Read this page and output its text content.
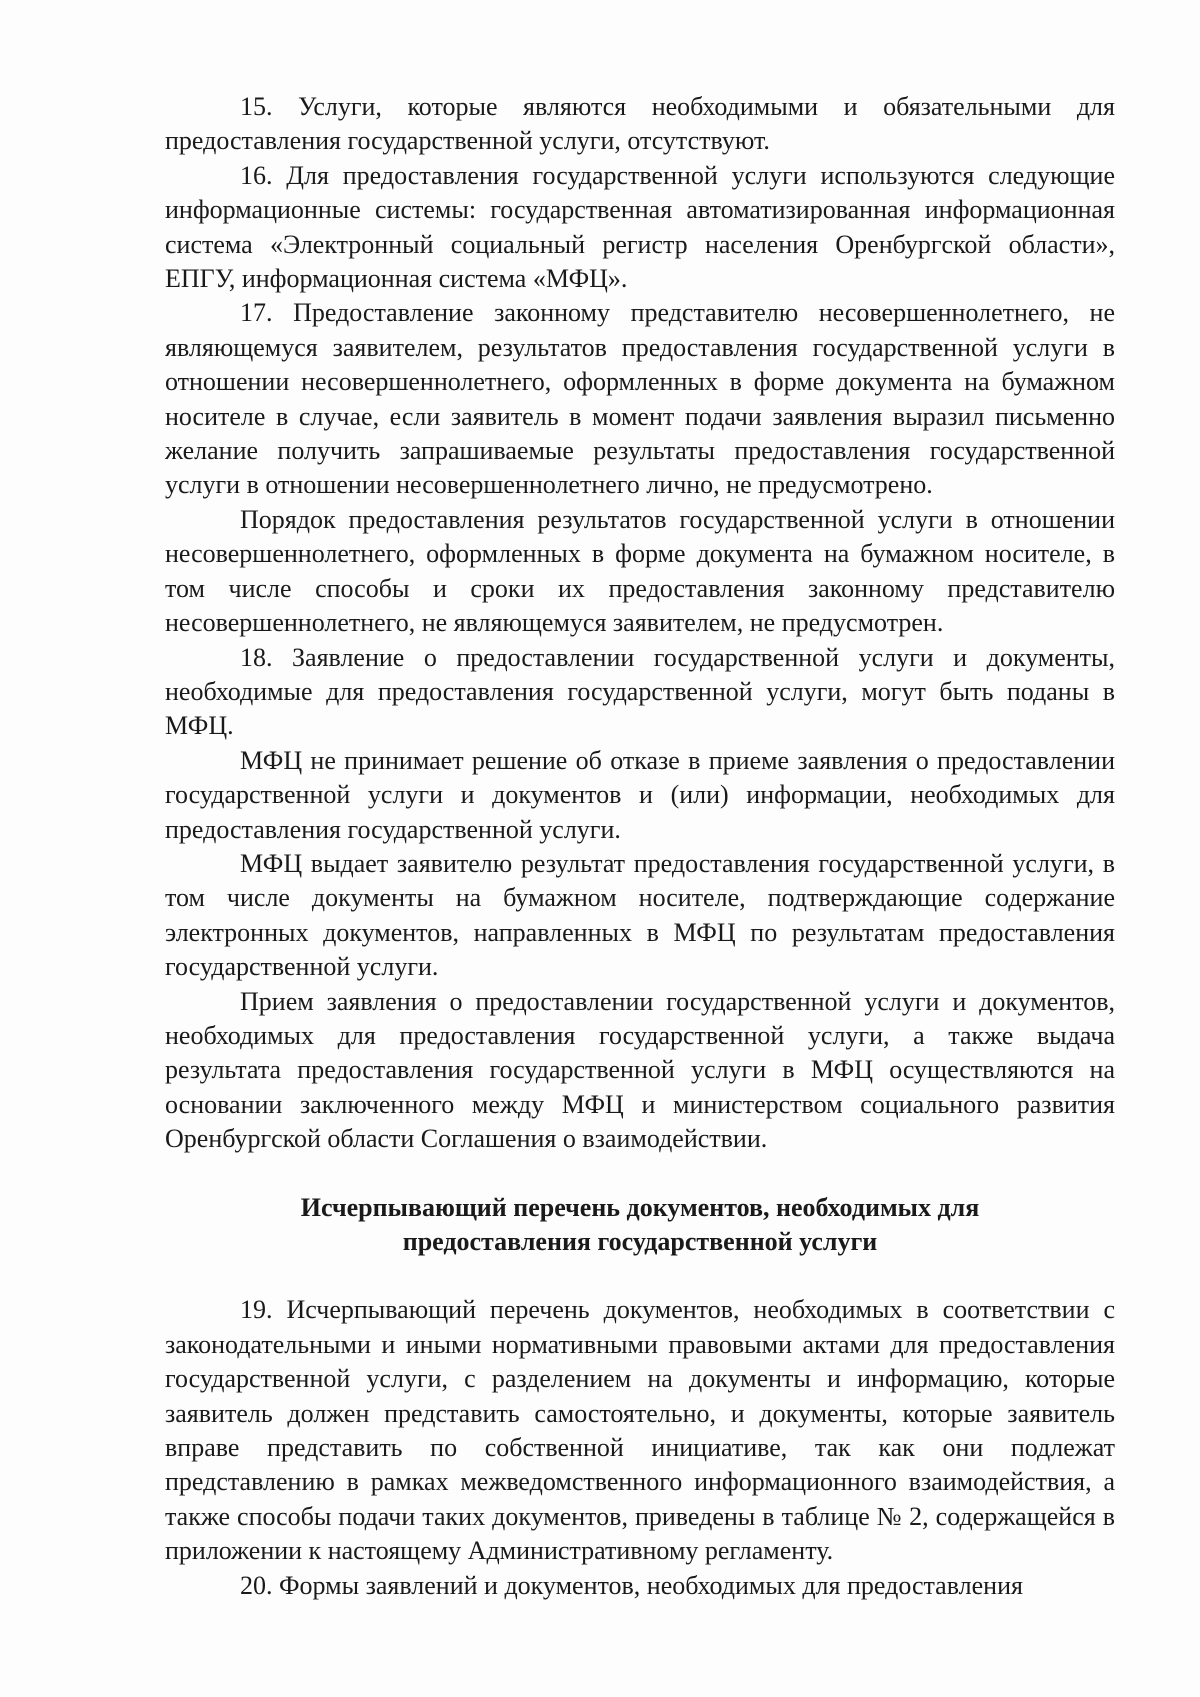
15. Услуги, которые являются необходимыми и обязательными для предоставления государственной услуги, отсутствуют.

16. Для предоставления государственной услуги используются следующие информационные системы: государственная автоматизированная информационная система «Электронный социальный регистр населения Оренбургской области», ЕПГУ, информационная система «МФЦ».

17. Предоставление законному представителю несовершеннолетнего, не являющемуся заявителем, результатов предоставления государственной услуги в отношении несовершеннолетнего, оформленных в форме документа на бумажном носителе в случае, если заявитель в момент подачи заявления выразил письменно желание получить запрашиваемые результаты предоставления государственной услуги в отношении несовершеннолетнего лично, не предусмотрено.

Порядок предоставления результатов государственной услуги в отношении несовершеннолетнего, оформленных в форме документа на бумажном носителе, в том числе способы и сроки их предоставления законному представителю несовершеннолетнего, не являющемуся заявителем, не предусмотрен.

18. Заявление о предоставлении государственной услуги и документы, необходимые для предоставления государственной услуги, могут быть поданы в МФЦ.

МФЦ не принимает решение об отказе в приеме заявления о предоставлении государственной услуги и документов и (или) информации, необходимых для предоставления государственной услуги.

МФЦ выдает заявителю результат предоставления государственной услуги, в том числе документы на бумажном носителе, подтверждающие содержание электронных документов, направленных в МФЦ по результатам предоставления государственной услуги.

Прием заявления о предоставлении государственной услуги и документов, необходимых для предоставления государственной услуги, а также выдача результата предоставления государственной услуги в МФЦ осуществляются на основании заключенного между МФЦ и министерством социального развития Оренбургской области Соглашения о взаимодействии.

Исчерпывающий перечень документов, необходимых для
предоставления государственной услуги

19. Исчерпывающий перечень документов, необходимых в соответствии с законодательными и иными нормативными правовыми актами для предоставления государственной услуги, с разделением на документы и информацию, которые заявитель должен представить самостоятельно, и документы, которые заявитель вправе представить по собственной инициативе, так как они подлежат представлению в рамках межведомственного информационного взаимодействия, а также способы подачи таких документов, приведены в таблице № 2, содержащейся в приложении к настоящему Административному регламенту.

20. Формы заявлений и документов, необходимых для предоставления
